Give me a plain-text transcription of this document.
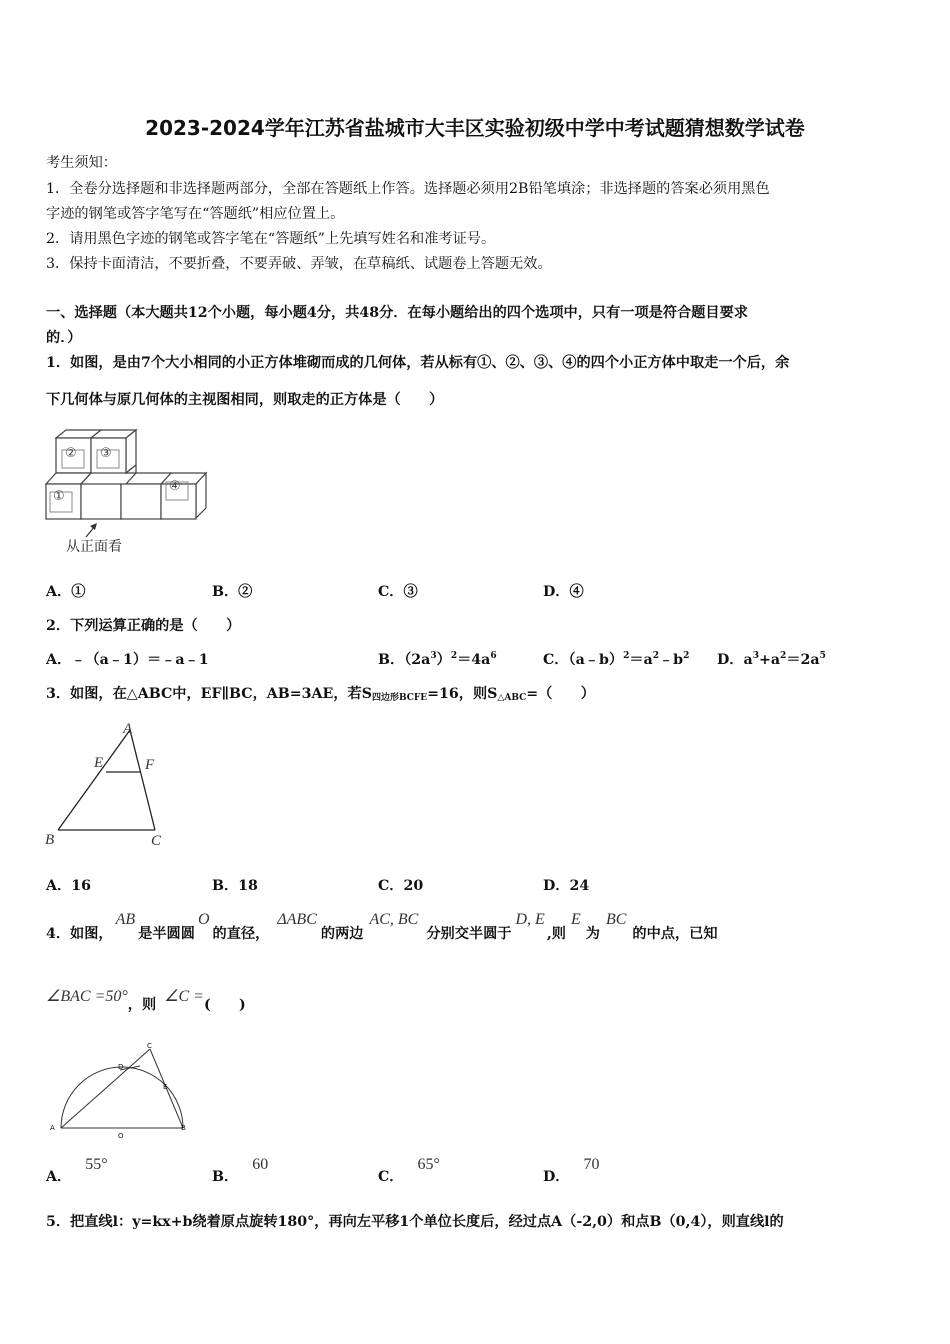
2023-2024学年江苏省盐城市大丰区实验初级中学中考试题猜想数学试卷
考生须知：
1．全卷分选择题和非选择题两部分，全部在答题纸上作答。选择题必须用2B铅笔填涂；非选择题的答案必须用黑色
字迹的钢笔或答字笔写在“答题纸”相应位置上。
2．请用黑色字迹的钢笔或答字笔在“答题纸”上先填写姓名和准考证号。
3．保持卡面清洁，不要折叠，不要弄破、弄皱，在草稿纸、试题卷上答题无效。
一、选择题（本大题共12个小题，每小题4分，共48分．在每小题给出的四个选项中，只有一项是符合题目要求
的．）
1．如图，是由7个大小相同的小正方体堆砌而成的几何体，若从标有①、②、③、④的四个小正方体中取走一个后，余
下几何体与原几何体的主视图相同，则取走的正方体是（　　）
② ③
①
④
从正面看
A．①	B．②	C．③	D．④
2．下列运算正确的是（　　）
A．﹣（a﹣1）＝﹣a﹣1	B．$(2a^3)^2=4a^6$	C．$(a﹣b)^2=a^2﹣b^2$ D．$a^3+a^2=2a^5$
3．如图，在△ABC中，EF∥BC，AB=3AE，若$S_{四边形BCFE}=16$，则$S_{\triangle ABC}=$（　　）
A
E	F
B	C
A．16	B．18	C．20	D．24
4．如图，AB是半圆圆O的直径，ΔABC的两边AC, BC分别交半圆于D, E,则E为BC的中点，已知
∠BAC =50°，则 ∠C =(　　)
A	B
C
D
E
O
A．55°
B．60
C．65°
D．70
5．把直线l：y=kx+b绕着原点旋转180°，再向左平移1个单位长度后，经过点A（-2,0）和点B（0,4），则直线l的
